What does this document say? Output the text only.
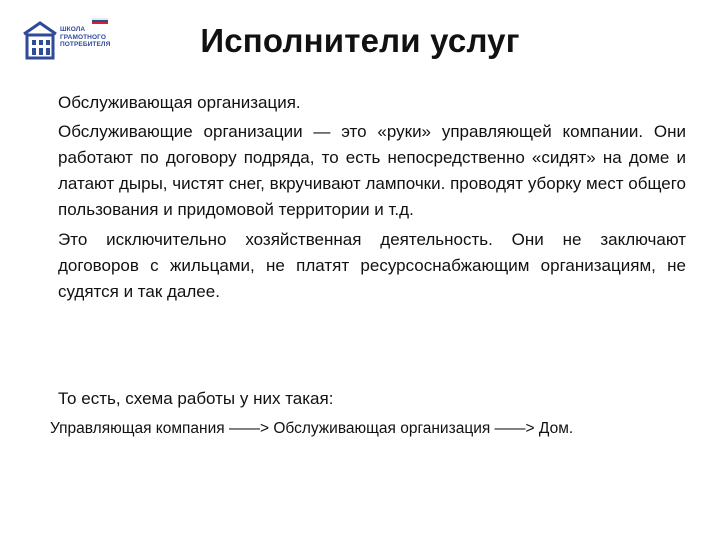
ШКОЛА
ГРАМОТНОГО
ПОТРЕБИТЕЛЯ	Исполнители услуг

Обслуживающая организация.

Обслуживающие организации — это «руки» управляющей компании. Они работают по договору подряда, то есть непосредственно «сидят» на доме и латают дыры, чистят снег, вкручивают лампочки. проводят уборку мест общего пользования и придомовой территории и т.д.

Это исключительно хозяйственная деятельность. Они не заключают договоров с жильцами, не платят ресурсоснабжающим организациям, не судятся и так далее.

То есть, схема работы у них такая:

Управляющая компания ——> Обслуживающая организация ——> Дом.
